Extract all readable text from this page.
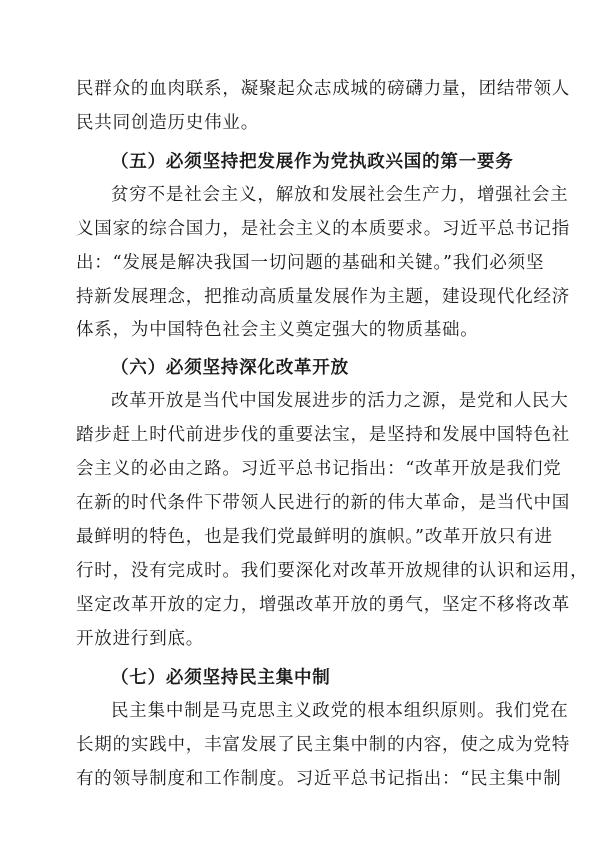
民群众的血肉联系，凝聚起众志成城的磅礴力量，团结带领人
民共同创造历史伟业。
（五）必须坚持把发展作为党执政兴国的第一要务
贫穷不是社会主义，解放和发展社会生产力，增强社会主
义国家的综合国力，是社会主义的本质要求。习近平总书记指
出：“发展是解决我国一切问题的基础和关键。”我们必须坚
持新发展理念，把推动高质量发展作为主题，建设现代化经济
体系，为中国特色社会主义奠定强大的物质基础。
（六）必须坚持深化改革开放
改革开放是当代中国发展进步的活力之源，是党和人民大
踏步赶上时代前进步伐的重要法宝，是坚持和发展中国特色社
会主义的必由之路。习近平总书记指出：“改革开放是我们党
在新的时代条件下带领人民进行的新的伟大革命，是当代中国
最鲜明的特色，也是我们党最鲜明的旗帜。”改革开放只有进
行时，没有完成时。我们要深化对改革开放规律的认识和运用，
坚定改革开放的定力，增强改革开放的勇气，坚定不移将改革
开放进行到底。
（七）必须坚持民主集中制
民主集中制是马克思主义政党的根本组织原则。我们党在
长期的实践中，丰富发展了民主集中制的内容，使之成为党特
有的领导制度和工作制度。习近平总书记指出：“民主集中制
